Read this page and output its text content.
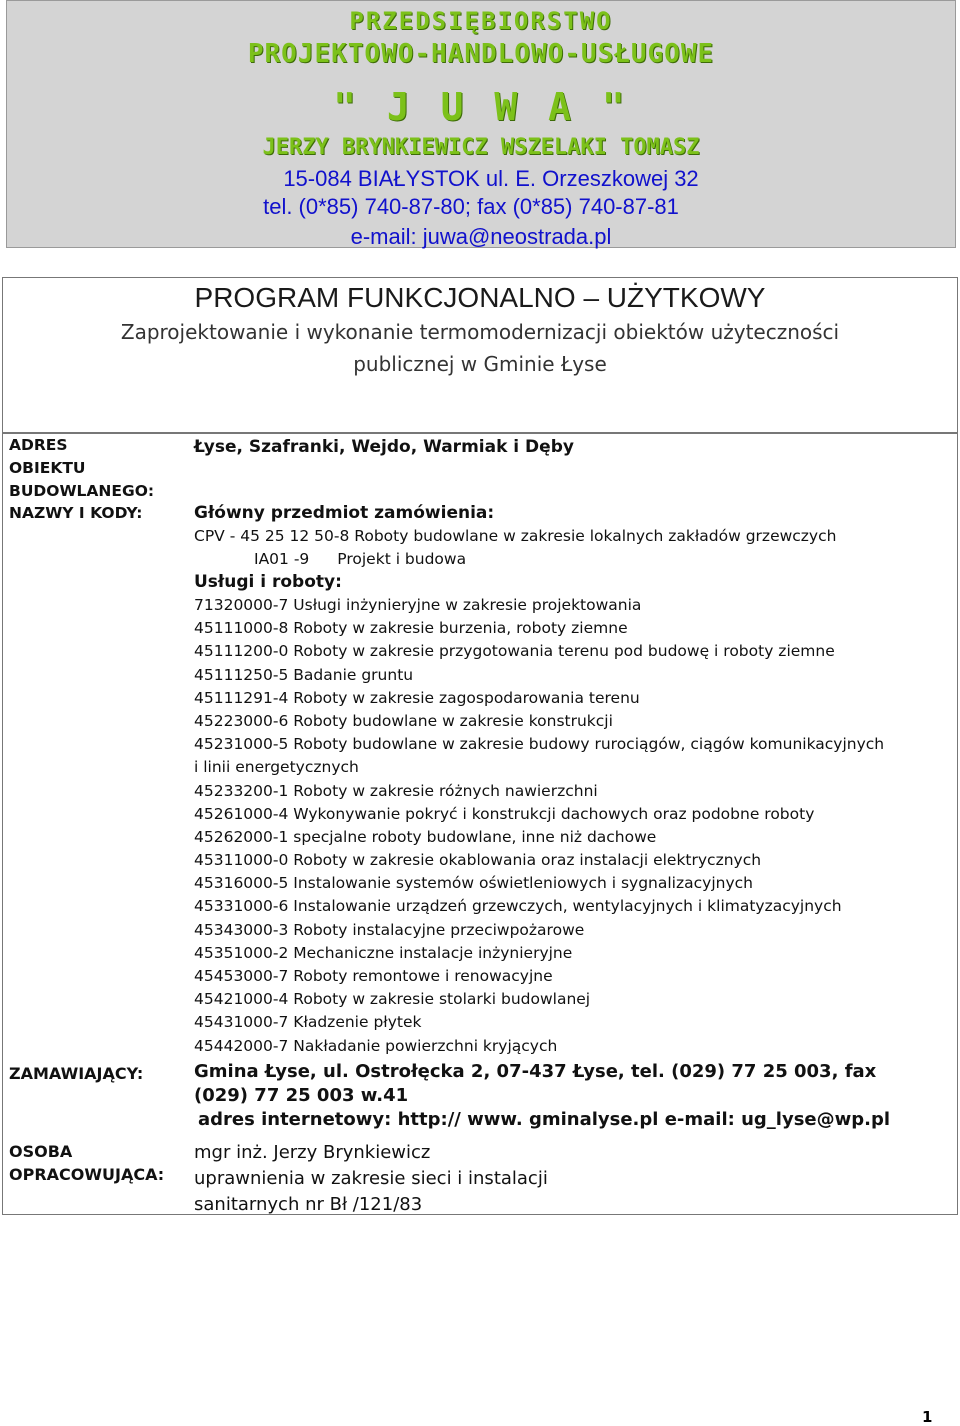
PRZEDSIĘBIORSTWO
PROJEKTOWO-HANDLOWO-USŁUGOWE
" J U W A "
JERZY BRYNKIEWICZ WSZELAKI TOMASZ
15-084 BIAŁYSTOK ul. E. Orzeszkowej 32
tel. (0*85) 740-87-80; fax (0*85) 740-87-81
e-mail: juwa@neostrada.pl
PROGRAM FUNKCJONALNO – UŻYTKOWY
Zaprojektowanie i wykonanie termomodernizacji obiektów użyteczności
publicznej w Gminie Łyse
ADRES
OBIEKTU
BUDOWLANEGO:
Łyse, Szafranki, Wejdo, Warmiak i Dęby
NAZWY I KODY:	Główny przedmiot zamówienia:
CPV - 45 25 12 50-8 Roboty budowlane w zakresie lokalnych zakładów grzewczych
IA01 -9 Projekt i budowa
Usługi i roboty:
71320000-7 Usługi inżynieryjne w zakresie projektowania
45111000-8 Roboty w zakresie burzenia, roboty ziemne
45111200-0 Roboty w zakresie przygotowania terenu pod budowę i roboty ziemne
45111250-5 Badanie gruntu
45111291-4 Roboty w zakresie zagospodarowania terenu
45223000-6 Roboty budowlane w zakresie konstrukcji
45231000-5 Roboty budowlane w zakresie budowy rurociągów, ciągów komunikacyjnych
i linii energetycznych
45233200-1 Roboty w zakresie różnych nawierzchni
45261000-4 Wykonywanie pokryć i konstrukcji dachowych oraz podobne roboty
45262000-1 specjalne roboty budowlane, inne niż dachowe
45311000-0 Roboty w zakresie okablowania oraz instalacji elektrycznych
45316000-5 Instalowanie systemów oświetleniowych i sygnalizacyjnych
45331000-6 Instalowanie urządzeń grzewczych, wentylacyjnych i klimatyzacyjnych
45343000-3 Roboty instalacyjne przeciwpożarowe
45351000-2 Mechaniczne instalacje inżynieryjne
45453000-7 Roboty remontowe i renowacyjne
45421000-4 Roboty w zakresie stolarki budowlanej
45431000-7 Kładzenie płytek
45442000-7 Nakładanie powierzchni kryjących
ZAMAWIAJĄCY:	Gmina Łyse, ul. Ostrołęcka 2, 07-437 Łyse, tel. (029) 77 25 003, fax
(029) 77 25 003 w.41
adres internetowy: http:// www. gminalyse.pl e-mail: ug_lyse@wp.pl
OSOBA
OPRACOWUJĄCA:
mgr inż. Jerzy Brynkiewicz
uprawnienia w zakresie sieci i instalacji
sanitarnych nr Bł /121/83
1
